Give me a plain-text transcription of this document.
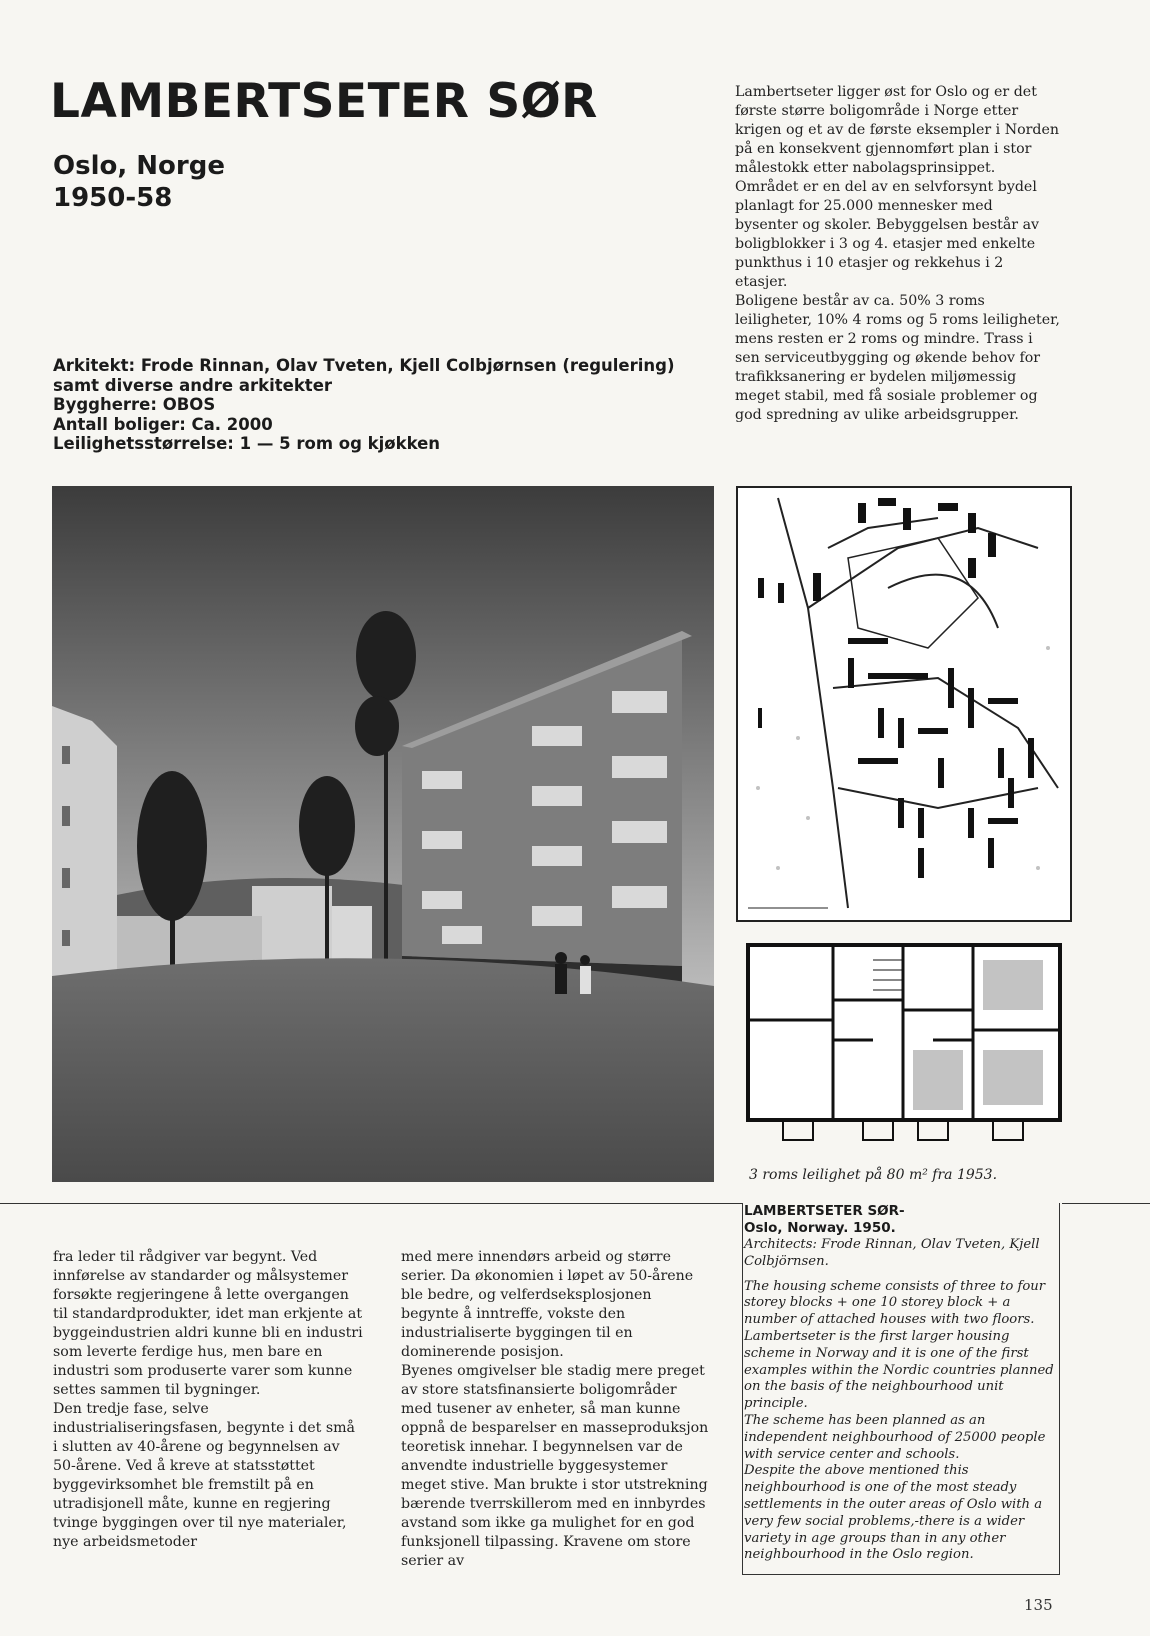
LAMBERTSETER SØR
Oslo, Norge
1950-58
Arkitekt: Frode Rinnan, Olav Tveten, Kjell Colbjørnsen (regulering)
samt diverse andre arkitekter
Byggherre: OBOS
Antall boliger: Ca. 2000
Leilighetsstørrelse: 1 — 5 rom og kjøkken

Lambertseter ligger øst for Oslo og er det første større boligområde i Norge etter krigen og et av de første eksempler i Norden på en konsekvent gjennomført plan i stor målestokk etter nabolagsprinsippet.

Området er en del av en selvforsynt bydel planlagt for 25.000 mennesker med bysenter og skoler. Bebyggelsen består av boligblokker i 3 og 4. etasjer med enkelte punkthus i 10 etasjer og rekkehus i 2 etasjer.

Boligene består av ca. 50% 3 roms leiligheter, 10% 4 roms og 5 roms leiligheter, mens resten er 2 roms og mindre. Trass i sen serviceutbygging og økende behov for trafikksanering er bydelen miljømessig meget stabil, med få sosiale problemer og god spredning av ulike arbeidsgrupper.

3 roms leilighet på 80 m² fra 1953.

fra leder til rådgiver var begynt. Ved innførelse av standarder og målsystemer forsøkte regjeringene å lette overgangen til standardprodukter, idet man erkjente at byggeindustrien aldri kunne bli en industri som leverte ferdige hus, men bare en industri som produserte varer som kunne settes sammen til bygninger.

Den tredje fase, selve industrialiseringsfasen, begynte i det små i slutten av 40-årene og begynnelsen av 50-årene. Ved å kreve at statsstøttet byggevirksomhet ble fremstilt på en utradisjonell måte, kunne en regjering tvinge byggingen over til nye materialer, nye arbeidsmetoder

med mere innendørs arbeid og større serier. Da økonomien i løpet av 50-årene ble bedre, og velferdseksplosjonen begynte å inntreffe, vokste den industrialiserte byggingen til en dominerende posisjon.

Byenes omgivelser ble stadig mere preget av store statsfinansierte boligområder med tusener av enheter, så man kunne oppnå de besparelser en masseproduksjon teoretisk innehar. I begynnelsen var de anvendte industrielle byggesystemer meget stive. Man brukte i stor utstrekning bærende tverrskillerom med en innbyrdes avstand som ikke ga mulighet for en god funksjonell tilpassing. Kravene om store serier av

LAMBERTSETER SØR-

Oslo, Norway. 1950.

Architects: Frode Rinnan, Olav Tveten, Kjell Colbjörnsen.

The housing scheme consists of three to four storey blocks + one 10 storey block + a number of attached houses with two floors.

Lambertseter is the first larger housing scheme in Norway and it is one of the first examples within the Nordic countries planned on the basis of the neighbourhood unit principle.

The scheme has been planned as an independent neighbourhood of 25000 people with service center and schools.

Despite the above mentioned this neighbourhood is one of the most steady settlements in the outer areas of Oslo with a very few social problems,-there is a wider variety in age groups than in any other neighbourhood in the Oslo region.

135
